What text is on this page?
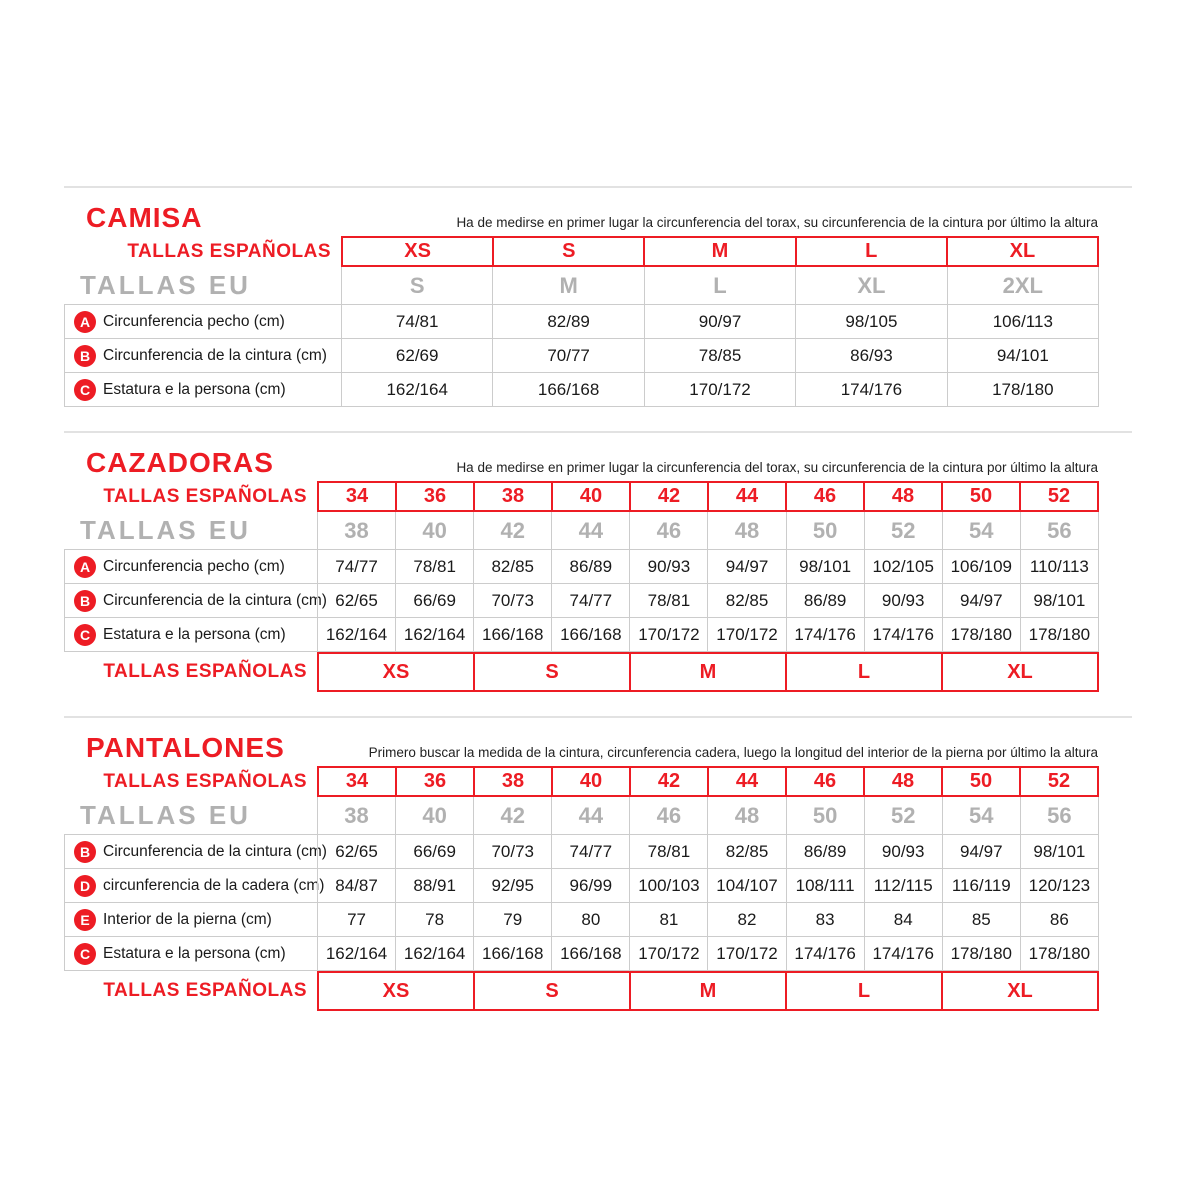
CAMISA	Ha de medirse en primer lugar la circunferencia del torax, su circunferencia de la cintura por último la altura
TALLAS ESPAÑOLAS	XS	S	M	L	XL
TALLAS EU	S	M	L	XL	2XL
A Circunferencia pecho (cm)	74/81	82/89	90/97	98/105	106/113
B Circunferencia de la cintura (cm)	62/69	70/77	78/85	86/93	94/101
C Estatura e la persona (cm)	162/164	166/168	170/172	174/176	178/180
CAZADORAS	Ha de medirse en primer lugar la circunferencia del torax, su circunferencia de la cintura por último la altura
TALLAS ESPAÑOLAS	34	36	38	40	42	44	46	48	50	52
TALLAS EU	38	40	42	44	46	48	50	52	54	56
A Circunferencia pecho (cm)	74/77	78/81	82/85	86/89	90/93	94/97	98/101	102/105 106/109	110/113
B Circunferencia de la cintura (cm) 62/65	66/69	70/73	74/77	78/81	82/85	86/89	90/93	94/97	98/101
C Estatura e la persona (cm)	162/164 162/164 166/168 166/168 170/172 170/172 174/176 174/176 178/180 178/180
TALLAS ESPAÑOLAS	XS	S	M	L	XL
PANTALONES	Primero buscar la medida de la cintura, circunferencia cadera, luego la longitud del interior de la pierna por último la altura
TALLAS ESPAÑOLAS	34	36	38	40	42	44	46	48	50	52
TALLAS EU	38	40	42	44	46	48	50	52	54	56
B Circunferencia de la cintura (cm) 62/65	66/69	70/73	74/77	78/81	82/85	86/89	90/93	94/97	98/101
D circunferencia de la cadera (cm) 84/87	88/91	92/95	96/99	100/103 104/107	108/111	112/115	116/119	120/123
E Interior de la pierna (cm)	77	78	79	80	81	82	83	84	85	86
C Estatura e la persona (cm)	162/164 162/164 166/168 166/168 170/172 170/172 174/176 174/176 178/180 178/180
TALLAS ESPAÑOLAS	XS	S	M	L	XL
